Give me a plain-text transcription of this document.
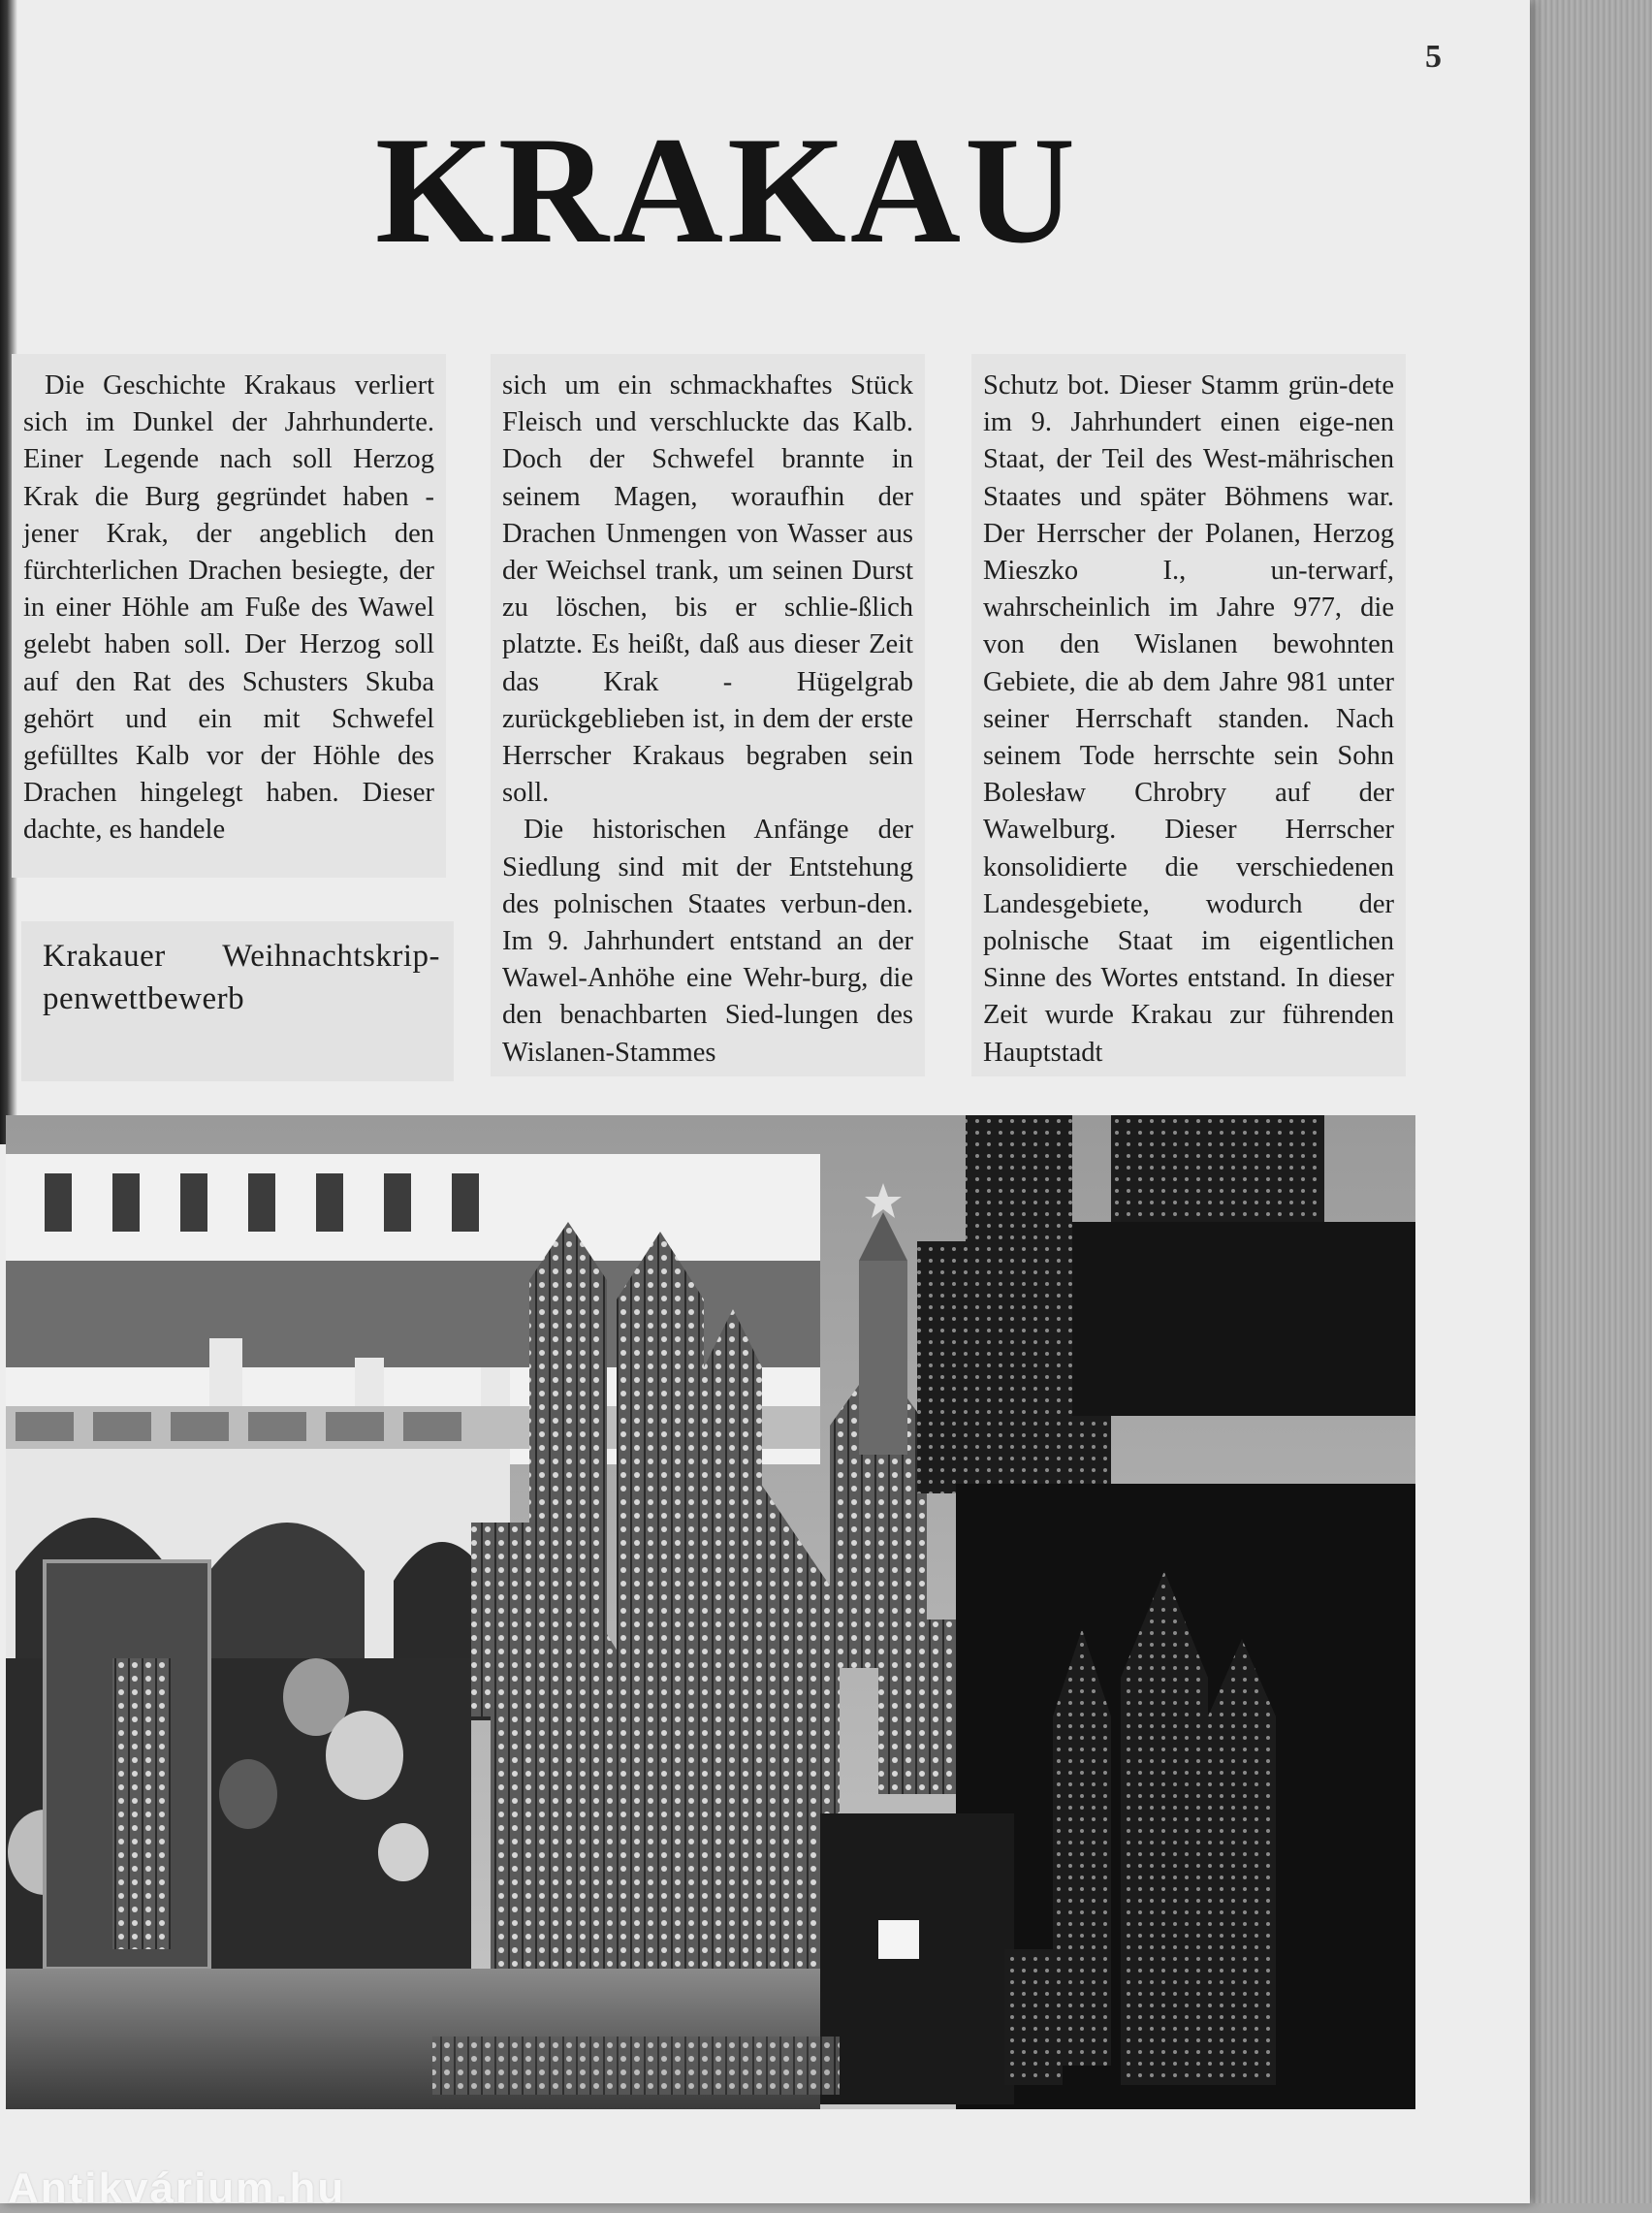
5
KRAKAU

Die Geschichte Krakaus verliert sich im Dunkel der Jahrhunderte. Einer Legende nach soll Herzog Krak die Burg gegründet haben - jener Krak, der angeblich den fürchterlichen Drachen besiegte, der in einer Höhle am Fuße des Wawel gelebt haben soll. Der Herzog soll auf den Rat des Schusters Skuba gehört und ein mit Schwefel gefülltes Kalb vor der Höhle des Drachen hingelegt haben. Dieser dachte, es handele

sich um ein schmackhaftes Stück Fleisch und verschluckte das Kalb. Doch der Schwefel brannte in seinem Magen, woraufhin der Drachen Unmengen von Wasser aus der Weichsel trank, um seinen Durst zu löschen, bis er schlie-ßlich platzte. Es heißt, daß aus dieser Zeit das Krak - Hügelgrab zurückgeblieben ist, in dem der erste Herrscher Krakaus begraben sein soll.

Die historischen Anfänge der Siedlung sind mit der Entstehung des polnischen Staates verbun-den. Im 9. Jahrhundert entstand an der Wawel-Anhöhe eine Wehr-burg, die den benachbarten Sied-lungen des Wislanen-Stammes

Schutz bot. Dieser Stamm grün-dete im 9. Jahrhundert einen eige-nen Staat, der Teil des West-mährischen Staates und später Böhmens war. Der Herrscher der Polanen, Herzog Mieszko I., un-terwarf, wahrscheinlich im Jahre 977, die von den Wislanen bewohnten Gebiete, die ab dem Jahre 981 unter seiner Herrschaft standen. Nach seinem Tode herrschte sein Sohn Bolesław Chrobry auf der Wawelburg. Dieser Herrscher konsolidierte die verschiedenen Landesgebiete, wodurch der polnische Staat im eigentlichen Sinne des Wortes entstand. In dieser Zeit wurde Krakau zur führenden Hauptstadt

Krakauer Weihnachtskrip-penwettbewerb
Antikvárium.hu
